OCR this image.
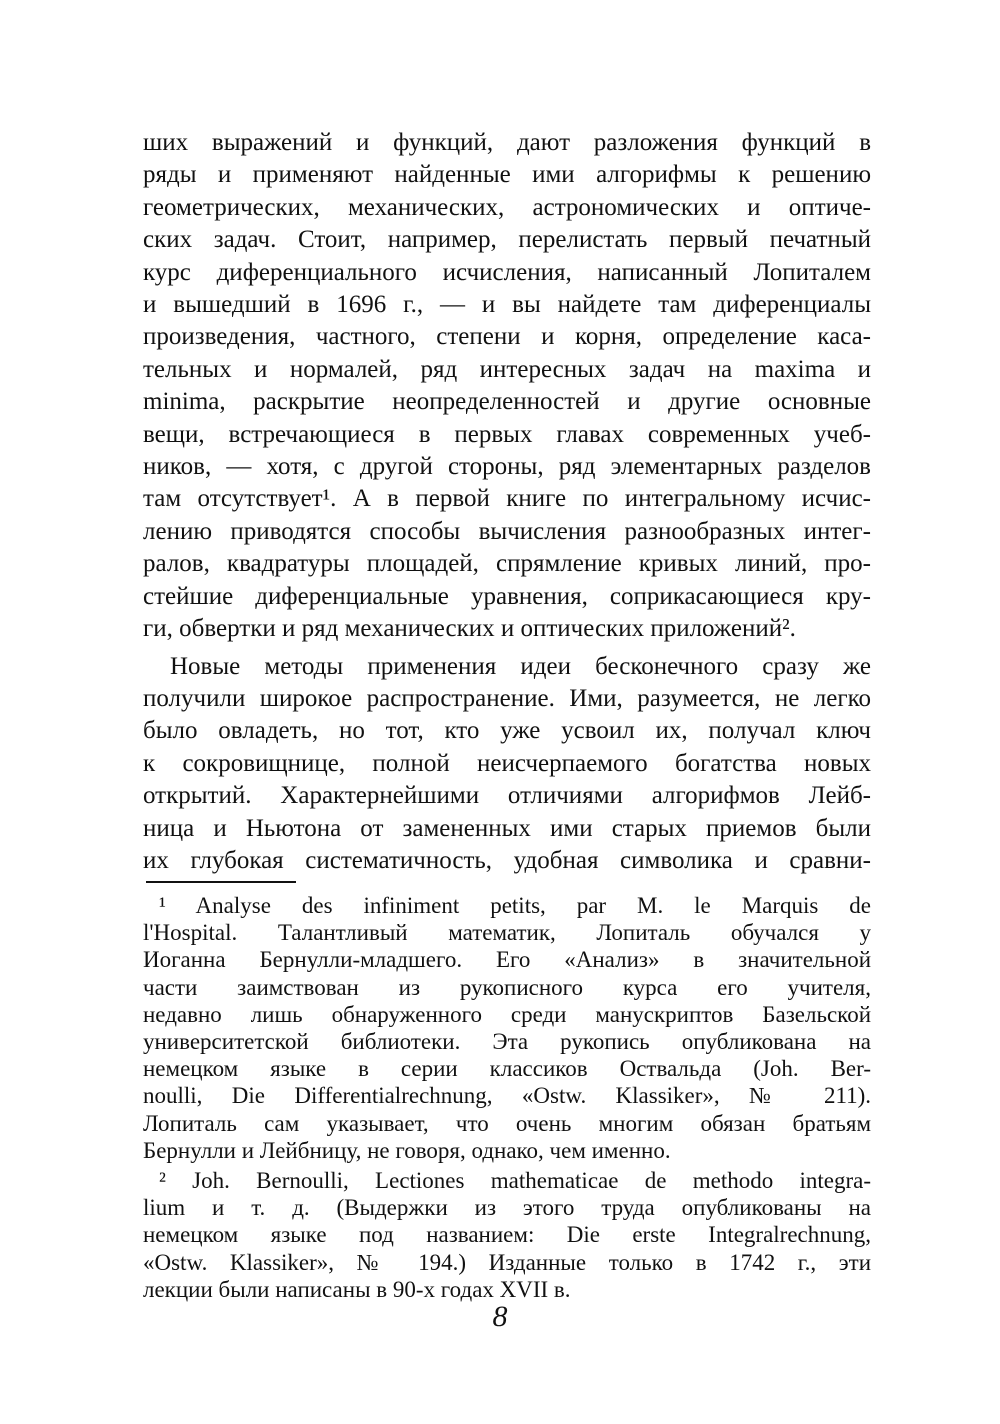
ших выражений и функций, дают разложения функций в
ряды и применяют найденные ими алгорифмы к решению
геометрических, механических, астрономических и оптиче-
ских задач. Стоит, например, перелистать первый печатный
курс диференциального исчисления, написанный Лопиталем
и вышедший в 1696 г., — и вы найдете там диференциалы
произведения, частного, степени и корня, определение каса-
тельных и нормалей, ряд интересных задач на maxima и
minima, раскрытие неопределенностей и другие основные
вещи, встречающиеся в первых главах современных учеб-
ников, — хотя, с другой стороны, ряд элементарных разделов
там отсутствует¹. А в первой книге по интегральному исчис-
лению приводятся способы вычисления разнообразных интег-
ралов, квадратуры площадей, спрямление кривых линий, про-
стейшие диференциальные уравнения, соприкасающиеся кру-
ги, обвертки и ряд механических и оптических приложений².
Новые методы применения идеи бесконечного сразу же
получили широкое распространение. Ими, разумеется, не легко
было овладеть, но тот, кто уже усвоил их, получал ключ
к сокровищнице, полной неисчерпаемого богатства новых
открытий. Характернейшими отличиями алгорифмов Лейб-
ница и Ньютона от замененных ими старых приемов были
их глубокая систематичность, удобная символика и сравни-
¹ Analyse des infiniment petits, par M. le Marquis de
l'Hospital. Талантливый математик, Лопиталь обучался у
Иоганна Бернулли-младшего. Его «Анализ» в значительной
части заимствован из рукописного курса его учителя,
недавно лишь обнаруженного среди манускриптов Базельской
университетской библиотеки. Эта рукопись опубликована на
немецком языке в серии классиков Оствальда (Joh. Ber-
noulli, Die Differentialrechnung, «Ostw. Klassiker», № 211).
Лопиталь сам указывает, что очень многим обязан братьям
Бернулли и Лейбницу, не говоря, однако, чем именно.
² Joh. Bernoulli, Lectiones mathematicae de methodo integra-
lium и т. д. (Выдержки из этого труда опубликованы на
немецком языке под названием: Die erste Integralrechnung,
«Ostw. Klassiker», № 194.) Изданные только в 1742 г., эти
лекции были написаны в 90-х годах XVII в.
8
